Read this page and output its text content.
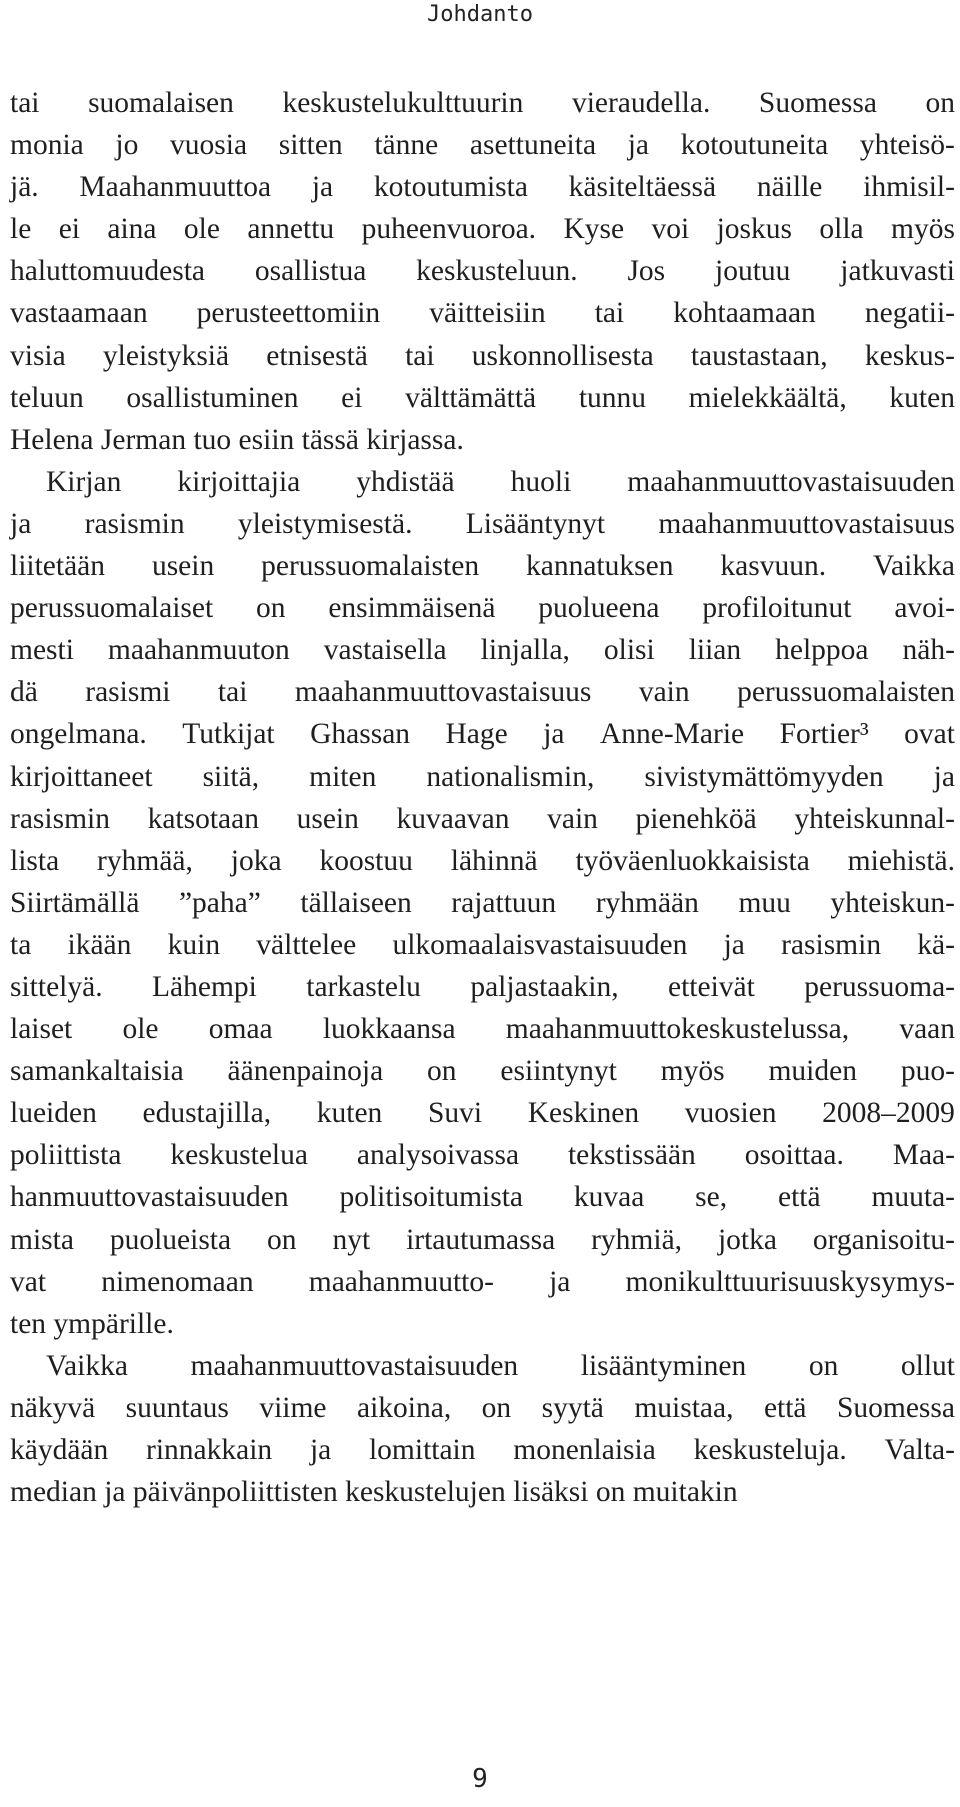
Johdanto
tai suomalaisen keskustelukulttuurin vieraudella. Suomessa on
monia jo vuosia sitten tänne asettuneita ja kotoutuneita yhteisö-
jä. Maahanmuuttoa ja kotoutumista käsiteltäessä näille ihmisil-
le ei aina ole annettu puheenvuoroa. Kyse voi joskus olla myös
haluttomuudesta osallistua keskusteluun. Jos joutuu jatkuvasti
vastaamaan perusteettomiin väitteisiin tai kohtaamaan negatii-
visia yleistyksiä etnisestä tai uskonnollisesta taustastaan, keskus-
teluun osallistuminen ei välttämättä tunnu mielekkäältä, kuten
Helena Jerman tuo esiin tässä kirjassa.
Kirjan kirjoittajia yhdistää huoli maahanmuuttovastaisuuden
ja rasismin yleistymisestä. Lisääntynyt maahanmuuttovastaisuus
liitetään usein perussuomalaisten kannatuksen kasvuun. Vaikka
perussuomalaiset on ensimmäisenä puolueena profiloitunut avoi-
mesti maahanmuuton vastaisella linjalla, olisi liian helppoa näh-
dä rasismi tai maahanmuuttovastaisuus vain perussuomalaisten
ongelmana. Tutkijat Ghassan Hage ja Anne-Marie Fortier³ ovat
kirjoittaneet siitä, miten nationalismin, sivistymättömyyden ja
rasismin katsotaan usein kuvaavan vain pienehköä yhteiskunnal-
lista ryhmää, joka koostuu lähinnä työväenluokkaisista miehistä.
Siirtämällä ”paha” tällaiseen rajattuun ryhmään muu yhteiskun-
ta ikään kuin välttelee ulkomaalaisvastaisuuden ja rasismin kä-
sittelyä. Lähempi tarkastelu paljastaakin, etteivät perussuoma-
laiset ole omaa luokkaansa maahanmuuttokeskustelussa, vaan
samankaltaisia äänenpainoja on esiintynyt myös muiden puo-
lueiden edustajilla, kuten Suvi Keskinen vuosien 2008–2009
poliittista keskustelua analysoivassa tekstissään osoittaa. Maa-
hanmuuttovastaisuuden politisoitumista kuvaa se, että muuta-
mista puolueista on nyt irtautumassa ryhmiä, jotka organisoitu-
vat nimenomaan maahanmuutto- ja monikulttuurisuuskysymys-
ten ympärille.
Vaikka maahanmuuttovastaisuuden lisääntyminen on ollut
näkyvä suuntaus viime aikoina, on syytä muistaa, että Suomessa
käydään rinnakkain ja lomittain monenlaisia keskusteluja. Valta-
median ja päivänpoliittisten keskustelujen lisäksi on muitakin
9
